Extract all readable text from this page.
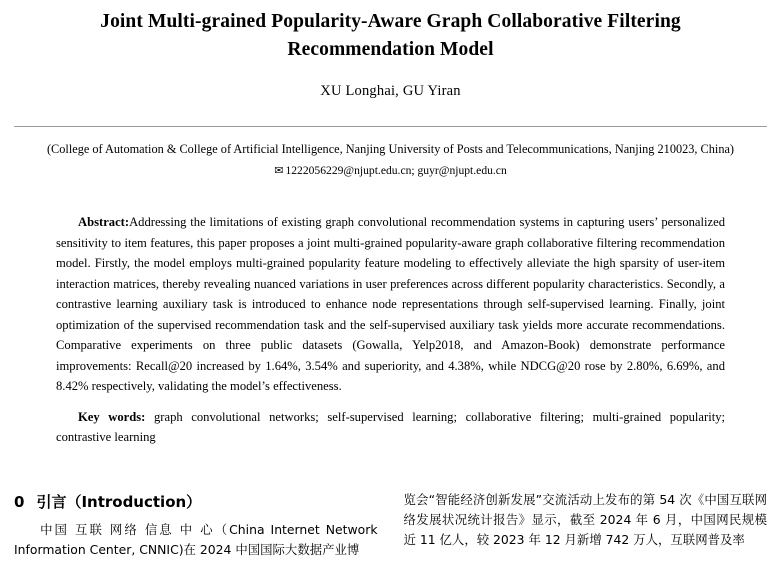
Joint Multi-grained Popularity-Aware Graph Collaborative Filtering Recommendation Model
XU Longhai, GU Yiran
(College of Automation & College of Artificial Intelligence, Nanjing University of Posts and Telecommunications, Nanjing 210023, China)
✉ 1222056229@njupt.edu.cn; guyr@njupt.edu.cn

Abstract:Addressing the limitations of existing graph convolutional recommendation systems in capturing users’ personalized sensitivity to item features, this paper proposes a joint multi-grained popularity-aware graph collaborative filtering recommendation model. Firstly, the model employs multi-grained popularity feature modeling to effectively alleviate the high sparsity of user-item interaction matrices, thereby revealing nuanced variations in user preferences across different popularity characteristics. Secondly, a contrastive learning auxiliary task is introduced to enhance node representations through self-supervised learning. Finally, joint optimization of the supervised recommendation task and the self-supervised auxiliary task yields more accurate recommendations. Comparative experiments on three public datasets (Gowalla, Yelp2018, and Amazon-Book) demonstrate performance improvements: Recall@20 increased by 1.64%, 3.54% and superiority, and 4.38%, while NDCG@20 rose by 2.80%, 6.69%, and 8.42% respectively, validating the model’s effectiveness.

Key words: graph convolutional networks; self-supervised learning; collaborative filtering; multi-grained popularity; contrastive learning

0 引言（Introduction）
中国 互联 网络 信息 中 心（China Internet Network Information Center, CNNIC)在 2024 中国国际大数据产业博
览会“智能经济创新发展”交流活动上发布的第 54 次《中国互联网络发展状况统计报告》显示，截至 2024 年 6 月，中国网民规模近 11 亿人，较 2023 年 12 月新增 742 万人，互联网普及率
